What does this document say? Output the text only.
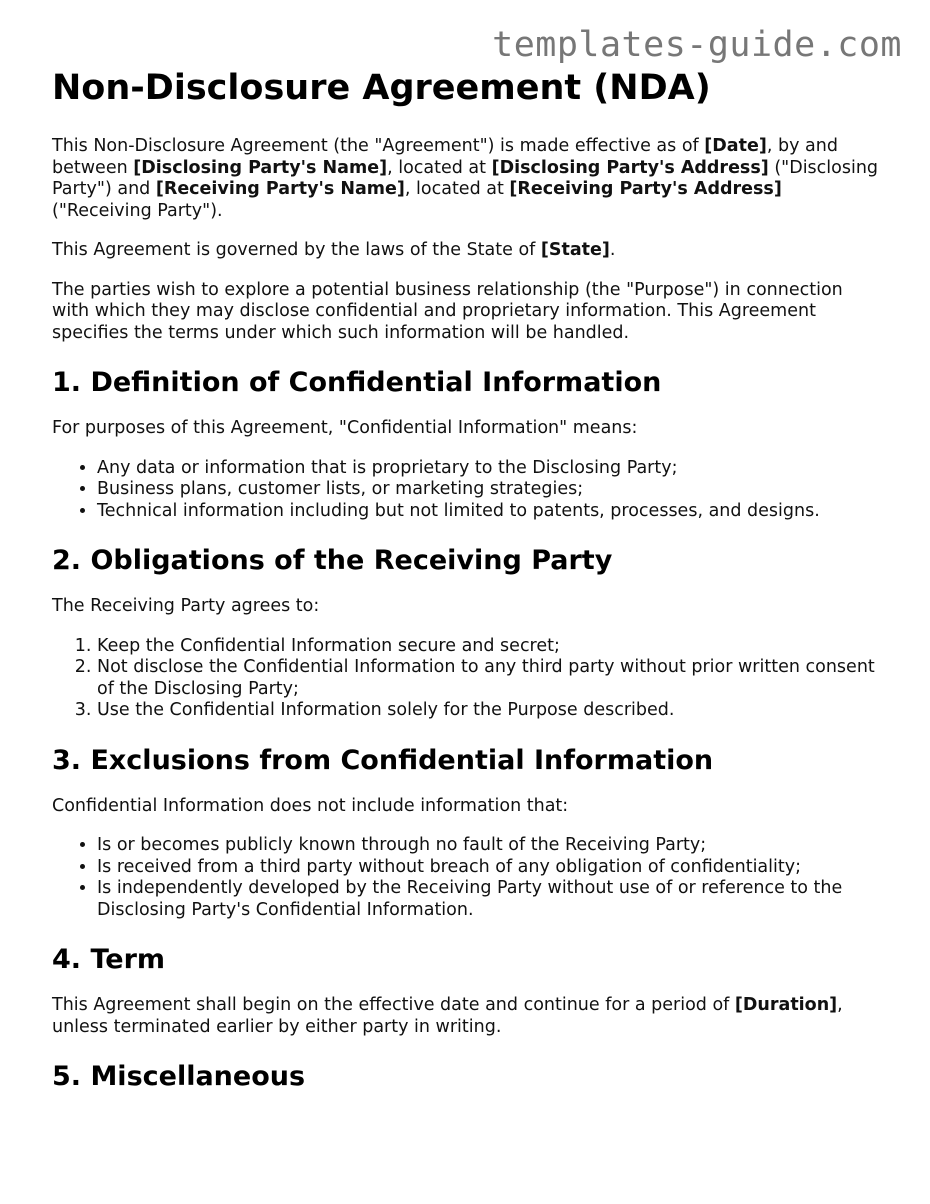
templates-guide.com
Non-Disclosure Agreement (NDA)

This Non-Disclosure Agreement (the "Agreement") is made effective as of [Date], by and between [Disclosing Party's Name], located at [Disclosing Party's Address] ("Disclosing Party") and [Receiving Party's Name], located at [Receiving Party's Address] ("Receiving Party").

This Agreement is governed by the laws of the State of [State].

The parties wish to explore a potential business relationship (the "Purpose") in connection with which they may disclose confidential and proprietary information. This Agreement specifies the terms under which such information will be handled.

1. Definition of Confidential Information

For purposes of this Agreement, "Confidential Information" means:

• Any data or information that is proprietary to the Disclosing Party;
• Business plans, customer lists, or marketing strategies;
• Technical information including but not limited to patents, processes, and designs.
2. Obligations of the Receiving Party

The Receiving Party agrees to:

1. Keep the Confidential Information secure and secret;
2. Not disclose the Confidential Information to any third party without prior written consent of the Disclosing Party;
3. Use the Confidential Information solely for the Purpose described.
3. Exclusions from Confidential Information

Confidential Information does not include information that:

• Is or becomes publicly known through no fault of the Receiving Party;
• Is received from a third party without breach of any obligation of confidentiality;
• Is independently developed by the Receiving Party without use of or reference to the Disclosing Party's Confidential Information.
4. Term

This Agreement shall begin on the effective date and continue for a period of [Duration], unless terminated earlier by either party in writing.

5. Miscellaneous
